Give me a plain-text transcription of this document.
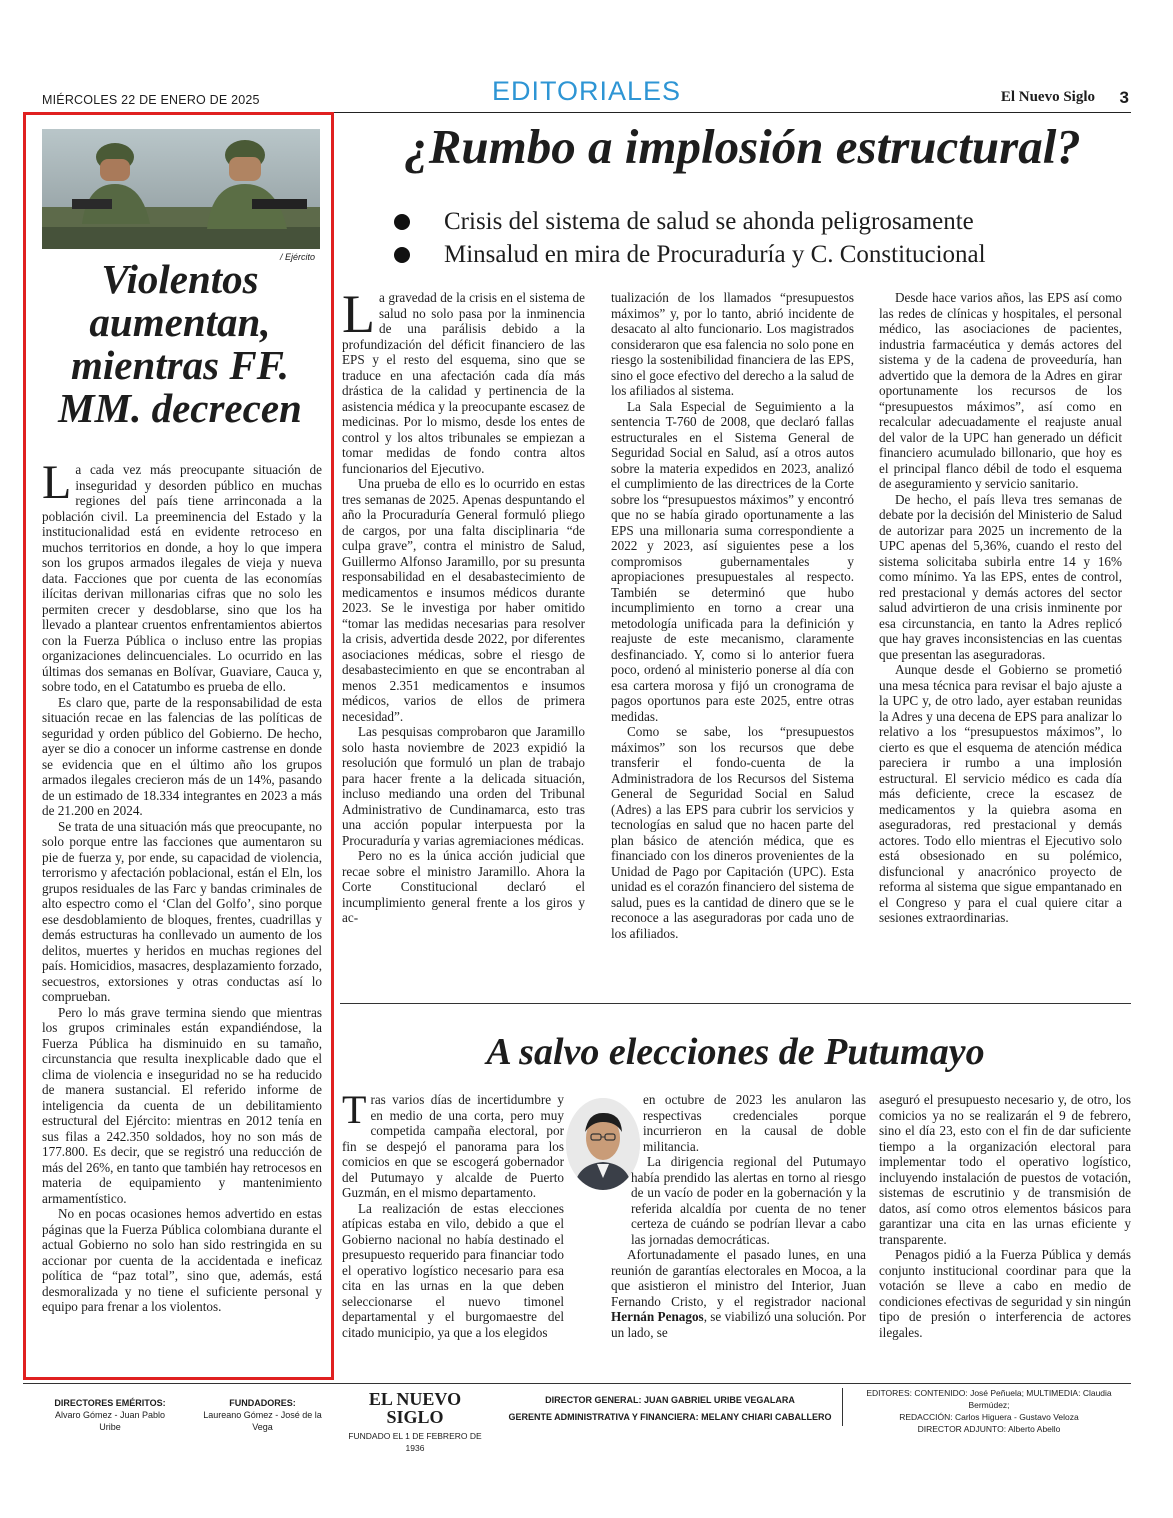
MIÉRCOLES 22 DE ENERO DE 2025	EDITORIALES	El Nuevo Siglo 3
/ Ejército
Violentos aumentan, mientras FF. MM. decrecen

La cada vez más preocupante situación de inseguridad y desorden público en muchas regiones del país tiene arrinconada a la población civil. La preeminencia del Estado y la institucionalidad está en evidente retroceso en muchos territorios en donde, a hoy lo que impera son los grupos armados ilegales de vieja y nueva data. Facciones que por cuenta de las economías ilícitas derivan millonarias cifras que no solo les permiten crecer y desdoblarse, sino que los ha llevado a plantear cruentos enfrentamientos abiertos con la Fuerza Pública o incluso entre las propias organizaciones delincuenciales. Lo ocurrido en las últimas dos semanas en Bolívar, Guaviare, Cauca y, sobre todo, en el Catatumbo es prueba de ello.

Es claro que, parte de la responsabilidad de esta situación recae en las falencias de las políticas de seguridad y orden público del Gobierno. De hecho, ayer se dio a conocer un informe castrense en donde se evidencia que en el último año los grupos armados ilegales crecieron más de un 14%, pasando de un estimado de 18.334 integrantes en 2023 a más de 21.200 en 2024.

Se trata de una situación más que preocupante, no solo porque entre las facciones que aumentaron su pie de fuerza y, por ende, su capacidad de violencia, terrorismo y afectación poblacional, están el Eln, los grupos residuales de las Farc y bandas criminales de alto espectro como el ‘Clan del Golfo’, sino porque ese desdoblamiento de bloques, frentes, cuadrillas y demás estructuras ha conllevado un aumento de los delitos, muertes y heridos en muchas regiones del país. Homicidios, masacres, desplazamiento forzado, secuestros, extorsiones y otras conductas así lo comprueban.

Pero lo más grave termina siendo que mientras los grupos criminales están expandiéndose, la Fuerza Pública ha disminuido en su tamaño, circunstancia que resulta inexplicable dado que el clima de violencia e inseguridad no se ha reducido de manera sustancial. El referido informe de inteligencia da cuenta de un debilitamiento estructural del Ejército: mientras en 2012 tenía en sus filas a 242.350 soldados, hoy no son más de 177.800. Es decir, que se registró una reducción de más del 26%, en tanto que también hay retrocesos en materia de equipamiento y mantenimiento armamentístico.

No en pocas ocasiones hemos advertido en estas páginas que la Fuerza Pública colombiana durante el actual Gobierno no solo han sido restringida en su accionar por cuenta de la accidentada e ineficaz política de “paz total”, sino que, además, está desmoralizada y no tiene el suficiente personal y equipo para frenar a los violentos.

¿Rumbo a implosión estructural?
Crisis del sistema de salud se ahonda peligrosamente
Minsalud en mira de Procuraduría y C. Constitucional

La gravedad de la crisis en el sistema de salud no solo pasa por la inminencia de una parálisis debido a la profundización del déficit financiero de las EPS y el resto del esquema, sino que se traduce en una afectación cada día más drástica de la calidad y pertinencia de la asistencia médica y la preocupante escasez de medicinas. Por lo mismo, desde los entes de control y los altos tribunales se empiezan a tomar medidas de fondo contra altos funcionarios del Ejecutivo.

Una prueba de ello es lo ocurrido en estas tres semanas de 2025. Apenas despuntando el año la Procuraduría General formuló pliego de cargos, por una falta disciplinaria “de culpa grave”, contra el ministro de Salud, Guillermo Alfonso Jaramillo, por su presunta responsabilidad en el desabastecimiento de medicamentos e insumos médicos durante 2023. Se le investiga por haber omitido “tomar las medidas necesarias para resolver la crisis, advertida desde 2022, por diferentes asociaciones médicas, sobre el riesgo de desabastecimiento en que se encontraban al menos 2.351 medicamentos e insumos médicos, varios de ellos de primera necesidad”.

Las pesquisas comprobaron que Jaramillo solo hasta noviembre de 2023 expidió la resolución que formuló un plan de trabajo para hacer frente a la delicada situación, incluso mediando una orden del Tribunal Administrativo de Cundinamarca, esto tras una acción popular interpuesta por la Procuraduría y varias agremiaciones médicas.

Pero no es la única acción judicial que recae sobre el ministro Jaramillo. Ahora la Corte Constitucional declaró el incumplimiento general frente a los giros y ac-

tualización de los llamados “presupuestos máximos” y, por lo tanto, abrió incidente de desacato al alto funcionario. Los magistrados consideraron que esa falencia no solo pone en riesgo la sostenibilidad financiera de las EPS, sino el goce efectivo del derecho a la salud de los afiliados al sistema.

La Sala Especial de Seguimiento a la sentencia T-760 de 2008, que declaró fallas estructurales en el Sistema General de Seguridad Social en Salud, así a otros autos sobre la materia expedidos en 2023, analizó el cumplimiento de las directrices de la Corte sobre los “presupuestos máximos” y encontró que no se había girado oportunamente a las EPS una millonaria suma correspondiente a 2022 y 2023, así siguientes pese a los compromisos gubernamentales y apropiaciones presupuestales al respecto. También se determinó que hubo incumplimiento en torno a crear una metodología unificada para la definición y reajuste de este mecanismo, claramente desfinanciado. Y, como si lo anterior fuera poco, ordenó al ministerio ponerse al día con esa cartera morosa y fijó un cronograma de pagos oportunos para este 2025, entre otras medidas.

Como se sabe, los “presupuestos máximos” son los recursos que debe transferir el fondo-cuenta de la Administradora de los Recursos del Sistema General de Seguridad Social en Salud (Adres) a las EPS para cubrir los servicios y tecnologías en salud que no hacen parte del plan básico de atención médica, que es financiado con los dineros provenientes de la Unidad de Pago por Capitación (UPC). Esta unidad es el corazón financiero del sistema de salud, pues es la cantidad de dinero que se le reconoce a las aseguradoras por cada uno de los afiliados.

Desde hace varios años, las EPS así como las redes de clínicas y hospitales, el personal médico, las asociaciones de pacientes, industria farmacéutica y demás actores del sistema y de la cadena de proveeduría, han advertido que la demora de la Adres en girar oportunamente los recursos de los “presupuestos máximos”, así como en recalcular adecuadamente el reajuste anual del valor de la UPC han generado un déficit financiero acumulado billonario, que hoy es el principal flanco débil de todo el esquema de aseguramiento y servicio sanitario.

De hecho, el país lleva tres semanas de debate por la decisión del Ministerio de Salud de autorizar para 2025 un incremento de la UPC apenas del 5,36%, cuando el resto del sistema solicitaba subirla entre 14 y 16% como mínimo. Ya las EPS, entes de control, red prestacional y demás actores del sector salud advirtieron de una crisis inminente por esa circunstancia, en tanto la Adres replicó que hay graves inconsistencias en las cuentas que presentan las aseguradoras.

Aunque desde el Gobierno se prometió una mesa técnica para revisar el bajo ajuste a la UPC y, de otro lado, ayer estaban reunidas la Adres y una decena de EPS para analizar lo relativo a los “presupuestos máximos”, lo cierto es que el esquema de atención médica pareciera ir rumbo a una implosión estructural. El servicio médico es cada día más deficiente, crece la escasez de medicamentos y la quiebra asoma en aseguradoras, red prestacional y demás actores. Todo ello mientras el Ejecutivo solo está obsesionado en su polémico, disfuncional y anacrónico proyecto de reforma al sistema que sigue empantanado en el Congreso y para el cual quiere citar a sesiones extraordinarias.

A salvo elecciones de Putumayo

Tras varios días de incertidumbre y en medio de una corta, pero muy competida campaña electoral, por fin se despejó el panorama para los comicios en que se escogerá gobernador del Putumayo y alcalde de Puerto Guzmán, en el mismo departamento.

La realización de estas elecciones atípicas estaba en vilo, debido a que el Gobierno nacional no había destinado el presupuesto requerido para financiar todo el operativo logístico necesario para esa cita en las urnas en la que deben seleccionarse el nuevo timonel departamental y el burgomaestre del citado municipio, ya que a los elegidos

en octubre de 2023 les anularon las respectivas credenciales porque incurrieron en la causal de doble militancia.

La dirigencia regional del Putumayo había prendido las alertas en torno al riesgo de un vacío de poder en la gobernación y la referida alcaldía por cuenta de no tener certeza de cuándo se podrían llevar a cabo las jornadas democráticas.

Afortunadamente el pasado lunes, en una reunión de garantías electorales en Mocoa, a la que asistieron el ministro del Interior, Juan Fernando Cristo, y el registrador nacional Hernán Penagos, se viabilizó una solución. Por un lado, se

aseguró el presupuesto necesario y, de otro, los comicios ya no se realizarán el 9 de febrero, sino el día 23, esto con el fin de dar suficiente tiempo a la organización electoral para implementar todo el operativo logístico, incluyendo instalación de puestos de votación, sistemas de escrutinio y de transmisión de datos, así como otros elementos básicos para garantizar una cita en las urnas eficiente y transparente.

Penagos pidió a la Fuerza Pública y demás conjunto institucional coordinar para que la votación se lleve a cabo en medio de condiciones efectivas de seguridad y sin ningún tipo de presión o interferencia de actores ilegales.

DIRECTORES EMÉRITOS:
Alvaro Gómez - Juan Pablo Uribe
FUNDADORES:
Laureano Gómez - José de la Vega
EL NUEVO SIGLO
FUNDADO EL 1 DE FEBRERO DE 1936
DIRECTOR GENERAL: JUAN GABRIEL URIBE VEGALARA
GERENTE ADMINISTRATIVA Y FINANCIERA: MELANY CHIARI CABALLERO
EDITORES: CONTENIDO: José Peñuela; MULTIMEDIA: Claudia Bermúdez;
REDACCIÓN: Carlos Higuera - Gustavo Veloza
DIRECTOR ADJUNTO: Alberto Abello
